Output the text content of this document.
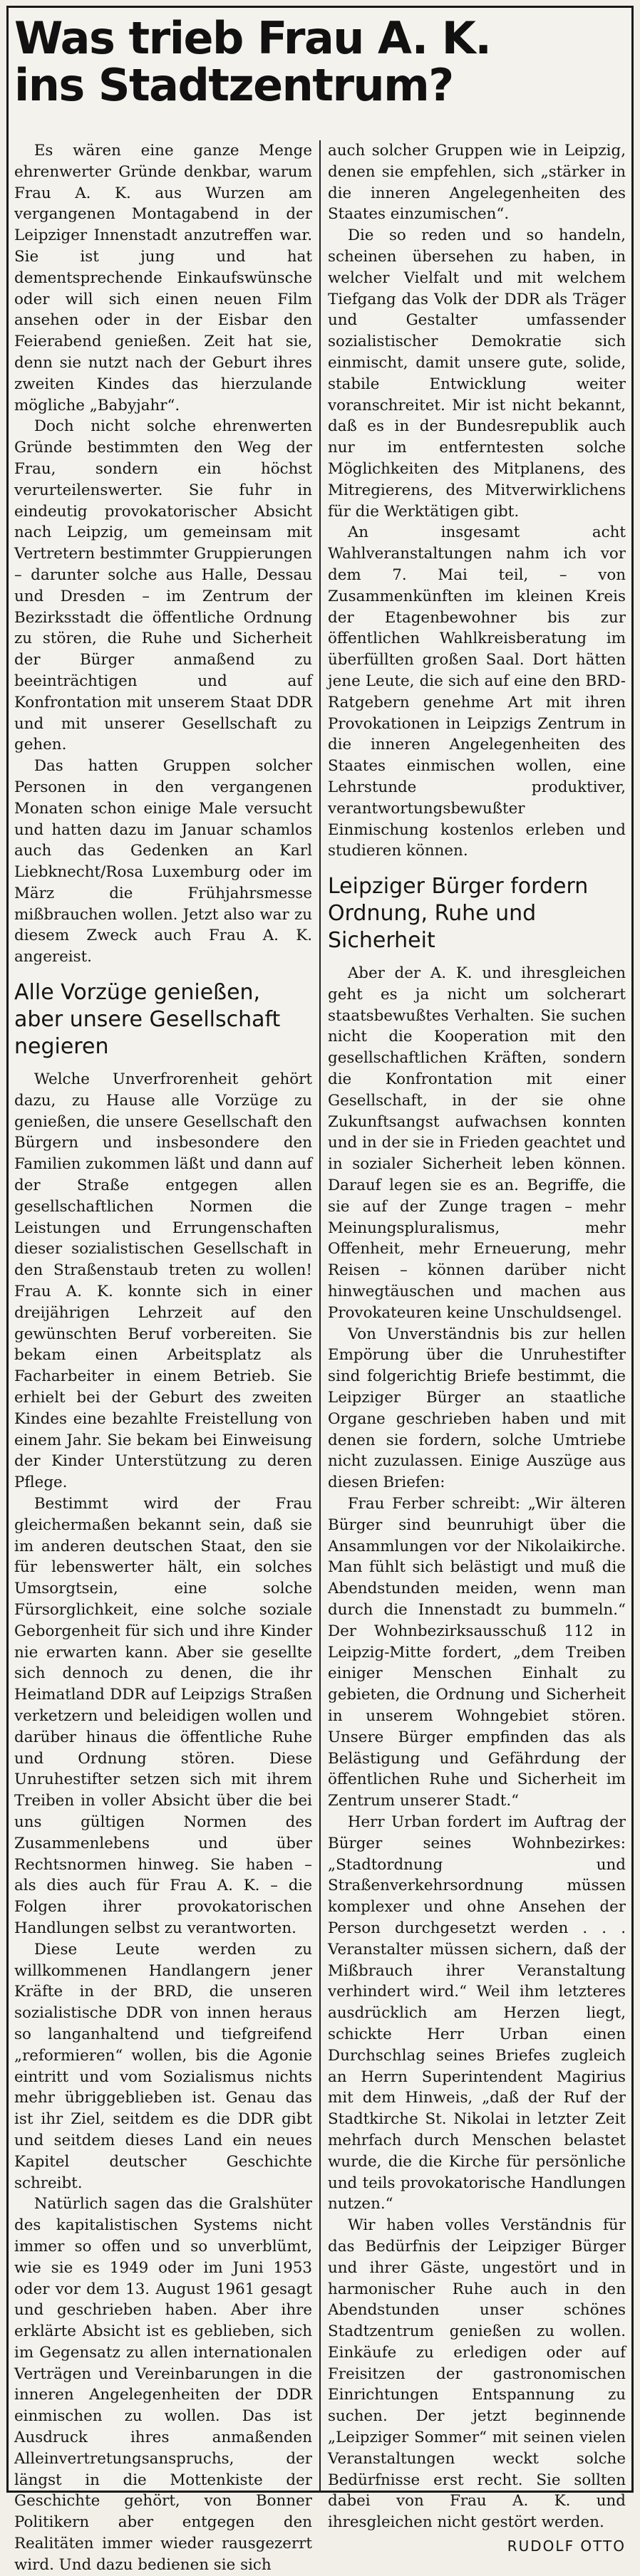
Was trieb Frau A. K.
ins Stadtzentrum?

Es wären eine ganze Menge ehrenwerter Gründe denkbar, warum Frau A. K. aus Wurzen am vergangenen Montagabend in der Leipziger Innenstadt anzutreffen war. Sie ist jung und hat dementsprechende Einkaufswünsche oder will sich einen neuen Film ansehen oder in der Eisbar den Feierabend genießen. Zeit hat sie, denn sie nutzt nach der Geburt ihres zweiten Kindes das hierzulande mögliche „Babyjahr“.

Doch nicht solche ehrenwerten Gründe bestimmten den Weg der Frau, sondern ein höchst verurteilenswerter. Sie fuhr in eindeutig provokatorischer Absicht nach Leipzig, um gemeinsam mit Vertretern bestimmter Gruppierungen – darunter solche aus Halle, Dessau und Dresden – im Zentrum der Bezirksstadt die öffentliche Ordnung zu stören, die Ruhe und Sicherheit der Bürger anmaßend zu beeinträchtigen und auf Konfrontation mit unserem Staat DDR und mit unserer Gesellschaft zu gehen.

Das hatten Gruppen solcher Personen in den vergangenen Monaten schon einige Male versucht und hatten dazu im Januar schamlos auch das Gedenken an Karl Liebknecht/Rosa Luxemburg oder im März die Frühjahrsmesse mißbrauchen wollen. Jetzt also war zu diesem Zweck auch Frau A. K. angereist.

Alle Vorzüge genießen, aber unsere Gesellschaft negieren

Welche Unverfrorenheit gehört dazu, zu Hause alle Vorzüge zu genießen, die unsere Gesellschaft den Bürgern und insbesondere den Familien zukommen läßt und dann auf der Straße entgegen allen gesellschaftlichen Normen die Leistungen und Errungenschaften dieser sozialistischen Gesellschaft in den Straßenstaub treten zu wollen! Frau A. K. konnte sich in einer dreijährigen Lehrzeit auf den gewünschten Beruf vorbereiten. Sie bekam einen Arbeitsplatz als Facharbeiter in einem Betrieb. Sie erhielt bei der Geburt des zweiten Kindes eine bezahlte Freistellung von einem Jahr. Sie bekam bei Einweisung der Kinder Unterstützung zu deren Pflege.

Bestimmt wird der Frau gleichermaßen bekannt sein, daß sie im anderen deutschen Staat, den sie für lebenswerter hält, ein solches Umsorgtsein, eine solche Fürsorglichkeit, eine solche soziale Geborgenheit für sich und ihre Kinder nie erwarten kann. Aber sie gesellte sich dennoch zu denen, die ihr Heimatland DDR auf Leipzigs Straßen verketzern und beleidigen wollen und darüber hinaus die öffentliche Ruhe und Ordnung stören. Diese Unruhestifter setzen sich mit ihrem Treiben in voller Absicht über die bei uns gültigen Normen des Zusammenlebens und über Rechtsnormen hinweg. Sie haben – als dies auch für Frau A. K. – die Folgen ihrer provokatorischen Handlungen selbst zu verantworten.

Diese Leute werden zu willkommenen Handlangern jener Kräfte in der BRD, die unseren sozialistische DDR von innen heraus so langanhaltend und tiefgreifend „reformieren“ wollen, bis die Agonie eintritt und vom Sozialismus nichts mehr übriggeblieben ist. Genau das ist ihr Ziel, seitdem es die DDR gibt und seitdem dieses Land ein neues Kapitel deutscher Geschichte schreibt.

Natürlich sagen das die Gralshüter des kapitalistischen Systems nicht immer so offen und so unverblümt, wie sie es 1949 oder im Juni 1953 oder vor dem 13. August 1961 gesagt und geschrieben haben. Aber ihre erklärte Absicht ist es geblieben, sich im Gegensatz zu allen internationalen Verträgen und Vereinbarungen in die inneren Angelegenheiten der DDR einmischen zu wollen. Das ist Ausdruck ihres anmaßenden Alleinvertretungsanspruchs, der längst in die Mottenkiste der Geschichte gehört, von Bonner Politikern aber entgegen den Realitäten immer wieder rausgezerrt wird. Und dazu bedienen sie sich

auch solcher Gruppen wie in Leipzig, denen sie empfehlen, sich „stärker in die inneren Angelegenheiten des Staates einzumischen“.

Die so reden und so handeln, scheinen übersehen zu haben, in welcher Vielfalt und mit welchem Tiefgang das Volk der DDR als Träger und Gestalter umfassender sozialistischer Demokratie sich einmischt, damit unsere gute, solide, stabile Entwicklung weiter voranschreitet. Mir ist nicht bekannt, daß es in der Bundesrepublik auch nur im entferntesten solche Möglichkeiten des Mitplanens, des Mitregierens, des Mitverwirklichens für die Werktätigen gibt.

An insgesamt acht Wahlveranstaltungen nahm ich vor dem 7. Mai teil, – von Zusammenkünften im kleinen Kreis der Etagenbewohner bis zur öffentlichen Wahlkreisberatung im überfüllten großen Saal. Dort hätten jene Leute, die sich auf eine den BRD-Ratgebern genehme Art mit ihren Provokationen in Leipzigs Zentrum in die inneren Angelegenheiten des Staates einmischen wollen, eine Lehrstunde produktiver, verantwortungsbewußter Einmischung kostenlos erleben und studieren können.

Leipziger Bürger fordern Ordnung, Ruhe und Sicherheit

Aber der A. K. und ihresgleichen geht es ja nicht um solcherart staatsbewußtes Verhalten. Sie suchen nicht die Kooperation mit den gesellschaftlichen Kräften, sondern die Konfrontation mit einer Gesellschaft, in der sie ohne Zukunftsangst aufwachsen konnten und in der sie in Frieden geachtet und in sozialer Sicherheit leben können. Darauf legen sie es an. Begriffe, die sie auf der Zunge tragen – mehr Meinungspluralismus, mehr Offenheit, mehr Erneuerung, mehr Reisen – können darüber nicht hinwegtäuschen und machen aus Provokateuren keine Unschuldsengel.

Von Unverständnis bis zur hellen Empörung über die Unruhestifter sind folgerichtig Briefe bestimmt, die Leipziger Bürger an staatliche Organe geschrieben haben und mit denen sie fordern, solche Umtriebe nicht zuzulassen. Einige Auszüge aus diesen Briefen:

Frau Ferber schreibt: „Wir älteren Bürger sind beunruhigt über die Ansammlungen vor der Nikolaikirche. Man fühlt sich belästigt und muß die Abendstunden meiden, wenn man durch die Innenstadt zu bummeln.“ Der Wohnbezirksausschuß 112 in Leipzig-Mitte fordert, „dem Treiben einiger Menschen Einhalt zu gebieten, die Ordnung und Sicherheit in unserem Wohngebiet stören. Unsere Bürger empfinden das als Belästigung und Gefährdung der öffentlichen Ruhe und Sicherheit im Zentrum unserer Stadt.“

Herr Urban fordert im Auftrag der Bürger seines Wohnbezirkes: „Stadtordnung und Straßenverkehrsordnung müssen komplexer und ohne Ansehen der Person durchgesetzt werden . . . Veranstalter müssen sichern, daß der Mißbrauch ihrer Veranstaltung verhindert wird.“ Weil ihm letzteres ausdrücklich am Herzen liegt, schickte Herr Urban einen Durchschlag seines Briefes zugleich an Herrn Superintendent Magirius mit dem Hinweis, „daß der Ruf der Stadtkirche St. Nikolai in letzter Zeit mehrfach durch Menschen belastet wurde, die die Kirche für persönliche und teils provokatorische Handlungen nutzen.“

Wir haben volles Verständnis für das Bedürfnis der Leipziger Bürger und ihrer Gäste, ungestört und in harmonischer Ruhe auch in den Abendstunden unser schönes Stadtzentrum genießen zu wollen. Einkäufe zu erledigen oder auf Freisitzen der gastronomischen Einrichtungen Entspannung zu suchen. Der jetzt beginnende „Leipziger Sommer“ mit seinen vielen Veranstaltungen weckt solche Bedürfnisse erst recht. Sie sollten dabei von Frau A. K. und ihresgleichen nicht gestört werden.

RUDOLF OTTO
